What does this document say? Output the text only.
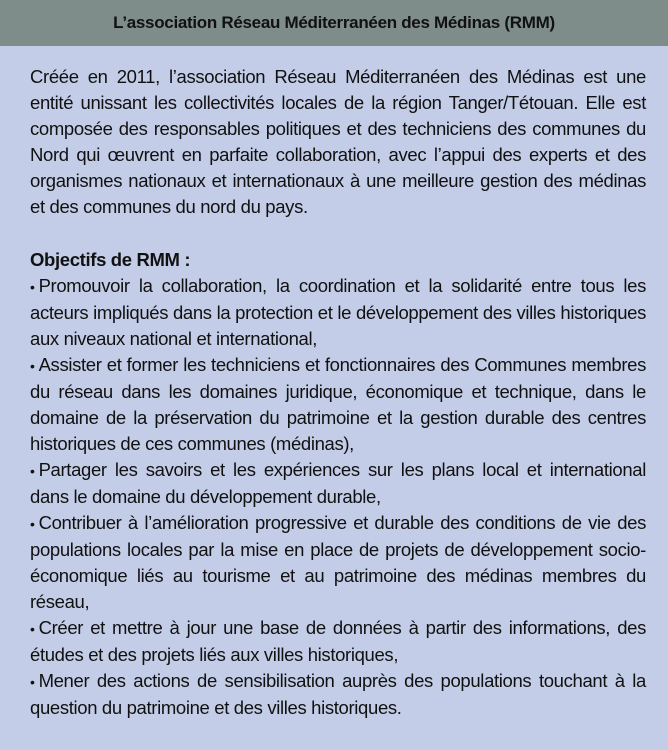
L’association Réseau Méditerranéen des Médinas (RMM)

Créée en 2011, l’association Réseau Méditerranéen des Médinas est une entité unissant les collectivités locales de la région Tanger/Tétouan. Elle est composée des responsables politiques et des techniciens des communes du Nord qui œuvrent en parfaite collaboration, avec l’appui des experts et des organismes nationaux et internationaux à une meilleure gestion des médinas et des communes du nord du pays.

Objectifs de RMM :
• Promouvoir la collaboration, la coordination et la solidarité entre tous les acteurs impliqués dans la protection et le développement des villes historiques aux niveaux national et international,
• Assister et former les techniciens et fonctionnaires des Communes membres du réseau dans les domaines juridique, économique et technique, dans le domaine de la préservation du patrimoine et la gestion durable des centres historiques de ces communes (médinas),
• Partager les savoirs et les expériences sur les plans local et international dans le domaine du développement durable,
• Contribuer à l’amélioration progressive et durable des conditions de vie des populations locales par la mise en place de projets de développement socio-économique liés au tourisme et au patrimoine des médinas membres du réseau,
• Créer et mettre à jour une base de données à partir des informations, des études et des projets liés aux villes historiques,
• Mener des actions de sensibilisation auprès des populations touchant à la question du patrimoine et des villes historiques.
